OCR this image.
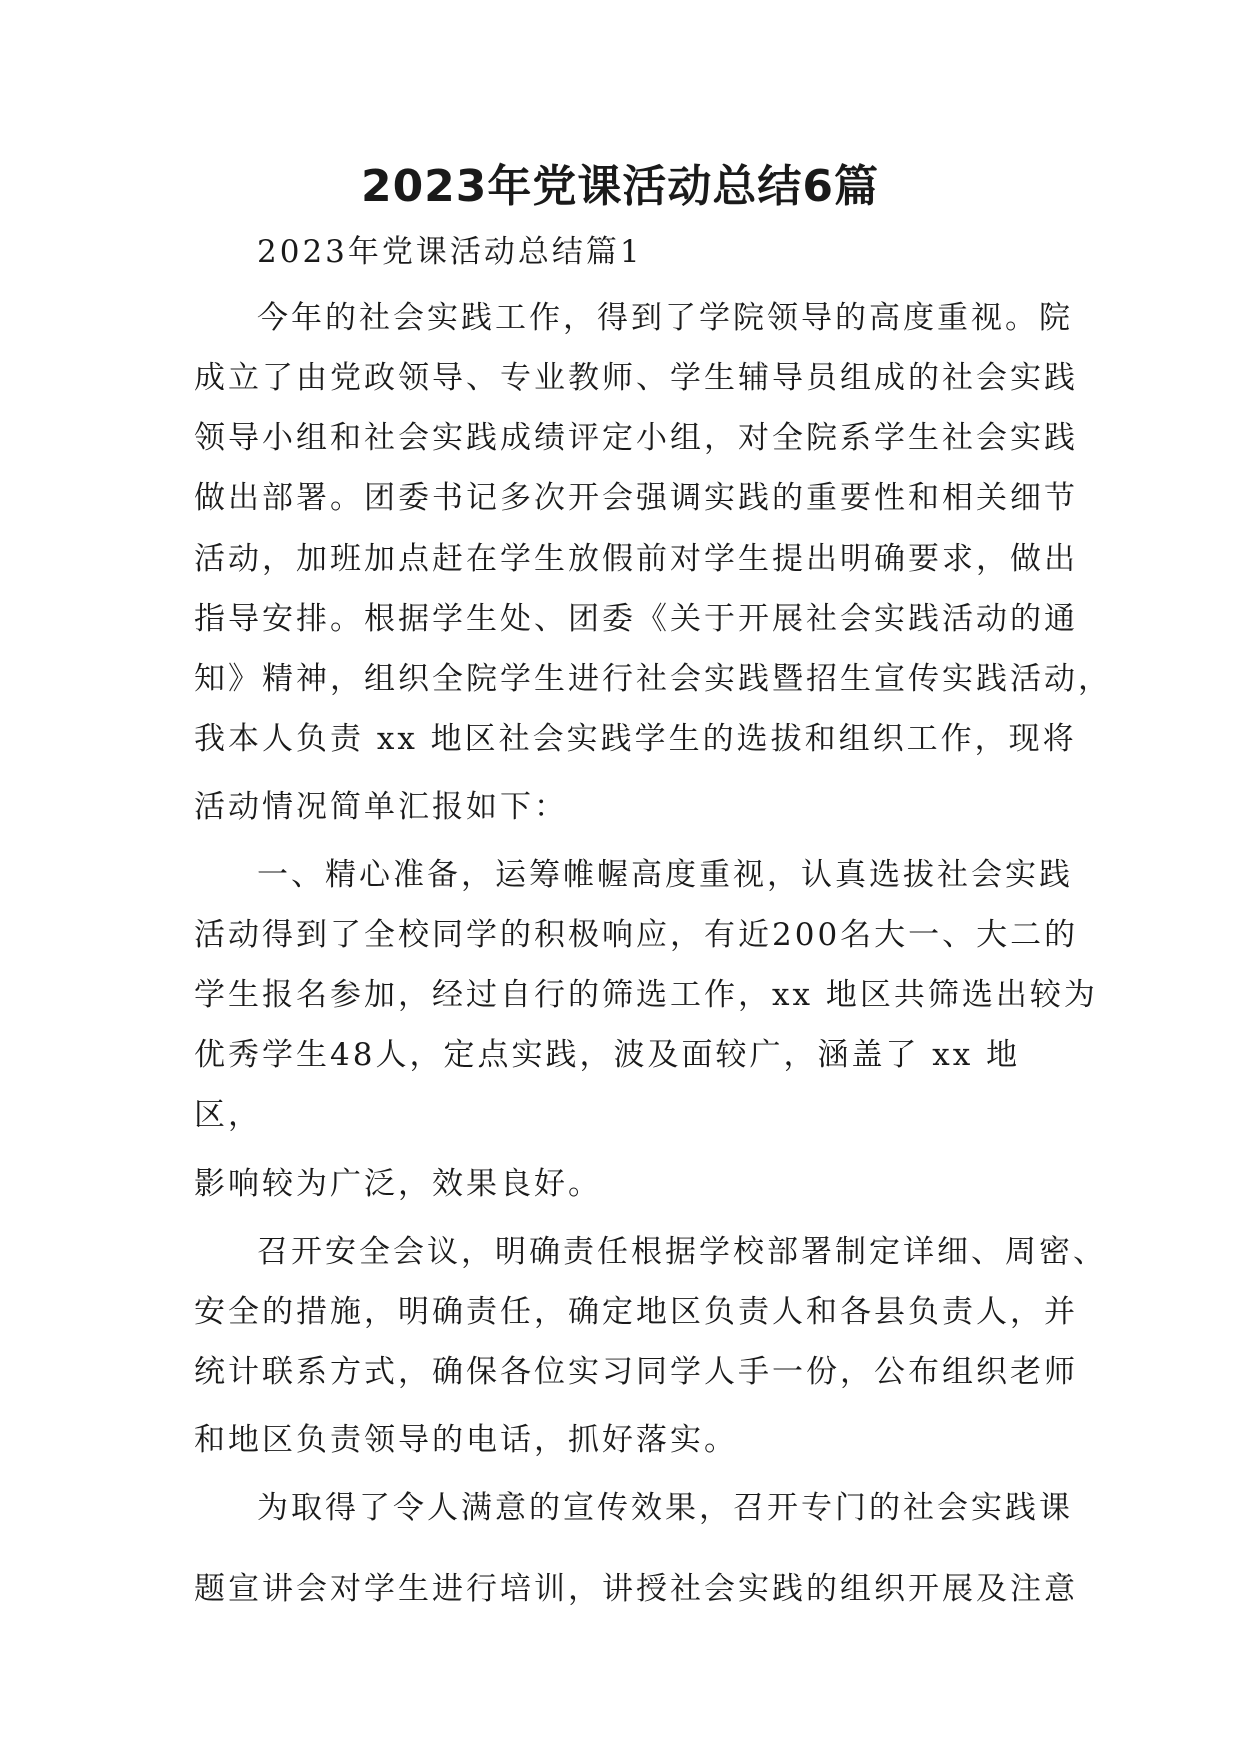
2023年党课活动总结6篇
2023年党课活动总结篇1
今年的社会实践工作，得到了学院领导的高度重视。院
成立了由党政领导、专业教师、学生辅导员组成的社会实践
领导小组和社会实践成绩评定小组，对全院系学生社会实践
做出部署。团委书记多次开会强调实践的重要性和相关细节
活动，加班加点赶在学生放假前对学生提出明确要求，做出
指导安排。根据学生处、团委《关于开展社会实践活动的通
知》精神，组织全院学生进行社会实践暨招生宣传实践活动，
我本人负责 xx 地区社会实践学生的选拔和组织工作，现将
活动情况简单汇报如下：
一、精心准备，运筹帷幄高度重视，认真选拔社会实践
活动得到了全校同学的积极响应，有近200名大一、大二的
学生报名参加，经过自行的筛选工作，xx 地区共筛选出较为
优秀学生48人，定点实践，波及面较广，涵盖了 xx 地
区，
影响较为广泛，效果良好。
召开安全会议，明确责任根据学校部署制定详细、周密、
安全的措施，明确责任，确定地区负责人和各县负责人，并
统计联系方式，确保各位实习同学人手一份，公布组织老师
和地区负责领导的电话，抓好落实。
为取得了令人满意的宣传效果，召开专门的社会实践课
题宣讲会对学生进行培训，讲授社会实践的组织开展及注意
